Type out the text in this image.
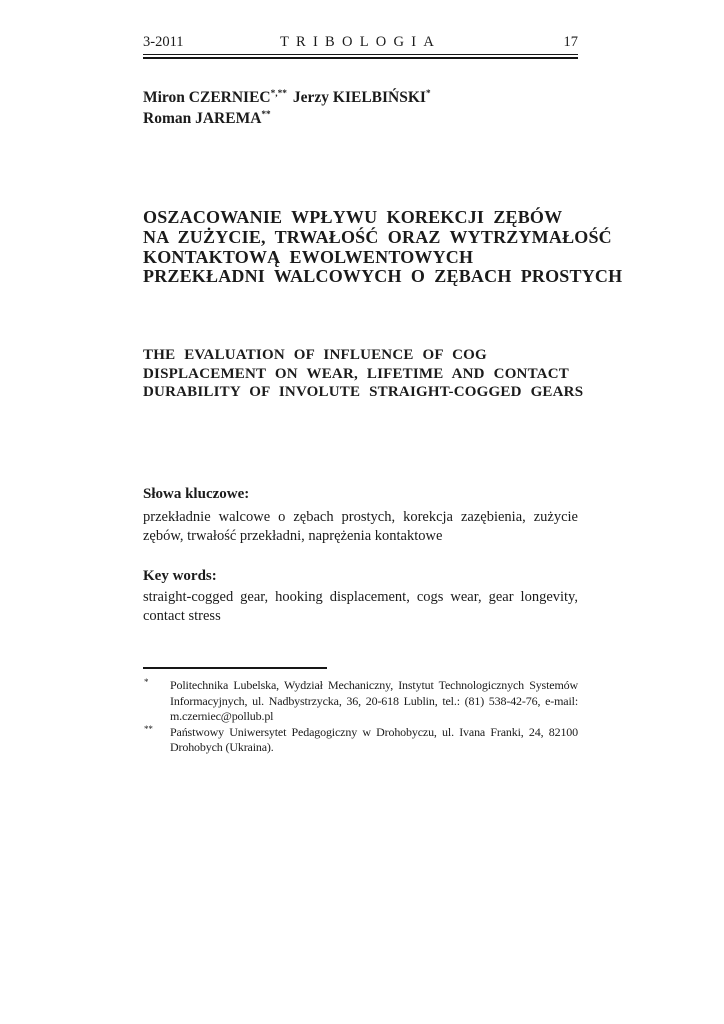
3-2011	TRIBOLOGIA	17
Miron CZERNIEC*,** Jerzy KIELBIŃSKI*
Roman JAREMA**
OSZACOWANIE WPŁYWU KOREKCJI ZĘBÓW
NA ZUŻYCIE, TRWAŁOŚĆ ORAZ WYTRZYMAŁOŚĆ
KONTAKTOWĄ EWOLWENTOWYCH
PRZEKŁADNI WALCOWYCH O ZĘBACH PROSTYCH
THE EVALUATION OF INFLUENCE OF COG
DISPLACEMENT ON WEAR, LIFETIME AND CONTACT
DURABILITY OF INVOLUTE STRAIGHT-COGGED GEARS
Słowa kluczowe:
przekładnie walcowe o zębach prostych, korekcja zazębienia, zużycie
zębów, trwałość przekładni, naprężenia kontaktowe
Key words:
straight-cogged gear, hooking displacement, cogs wear, gear longevity,
contact stress
* Politechnika Lubelska, Wydział Mechaniczny, Instytut Technologicznych Systemów
Informacyjnych, ul. Nadbystrzycka, 36, 20-618 Lublin, tel.: (81) 538-42-76, e-mail:
m.czerniec@pollub.pl
** Państwowy Uniwersytet Pedagogiczny w Drohobyczu, ul. Ivana Franki, 24, 82100
Drohobych (Ukraina).
